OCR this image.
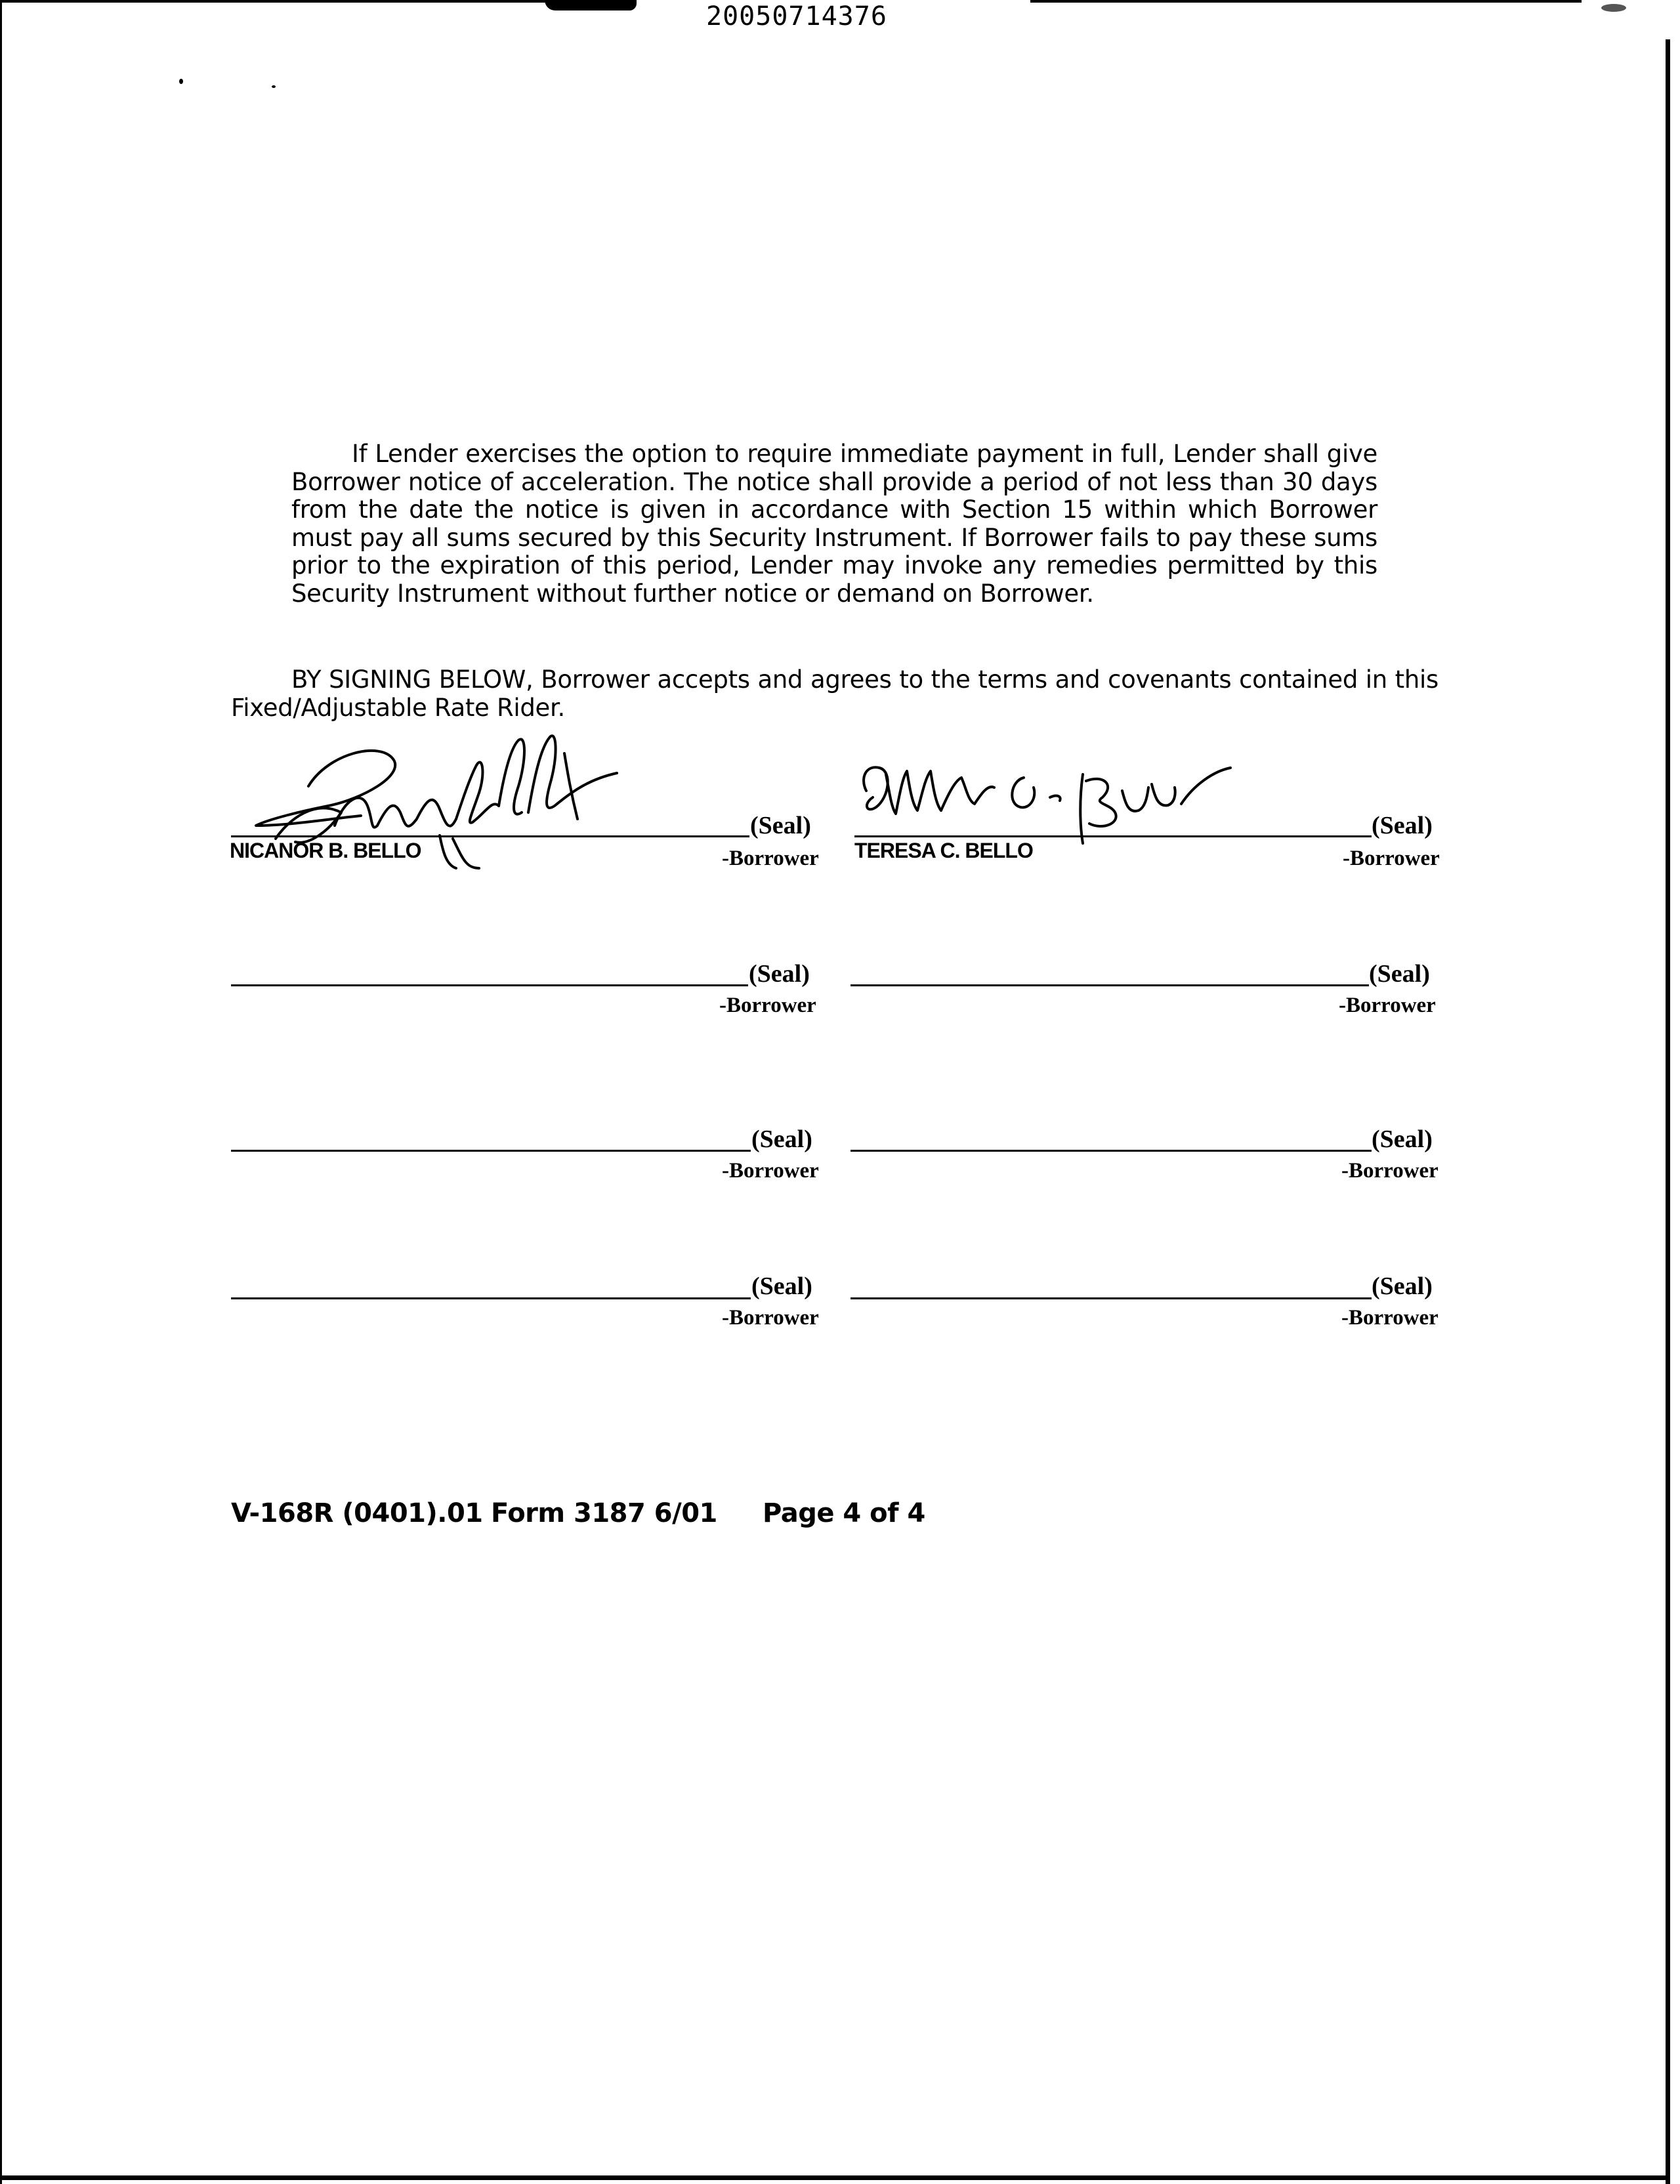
20050714376

If Lender exercises the option to require immediate payment in full, Lender shall give Borrower notice of acceleration. The notice shall provide a period of not less than 30 days from the date the notice is given in accordance with Section 15 within which Borrower must pay all sums secured by this Security Instrument. If Borrower fails to pay these sums prior to the expiration of this period, Lender may invoke any remedies permitted by this Security Instrument without further notice or demand on Borrower.

BY SIGNING BELOW, Borrower accepts and agrees to the terms and covenants contained in this Fixed/Adjustable Rate Rider.

NICANOR B. BELLO
(Seal)
-Borrower TERESA C. BELLO
(Seal)
-Borrower
(Seal)
-Borrower
(Seal)
-Borrower
(Seal)
-Borrower
(Seal)
-Borrower
(Seal)
-Borrower
(Seal)
-Borrower
V-168R (0401).01 Form 3187 6/01 Page 4 of 4
